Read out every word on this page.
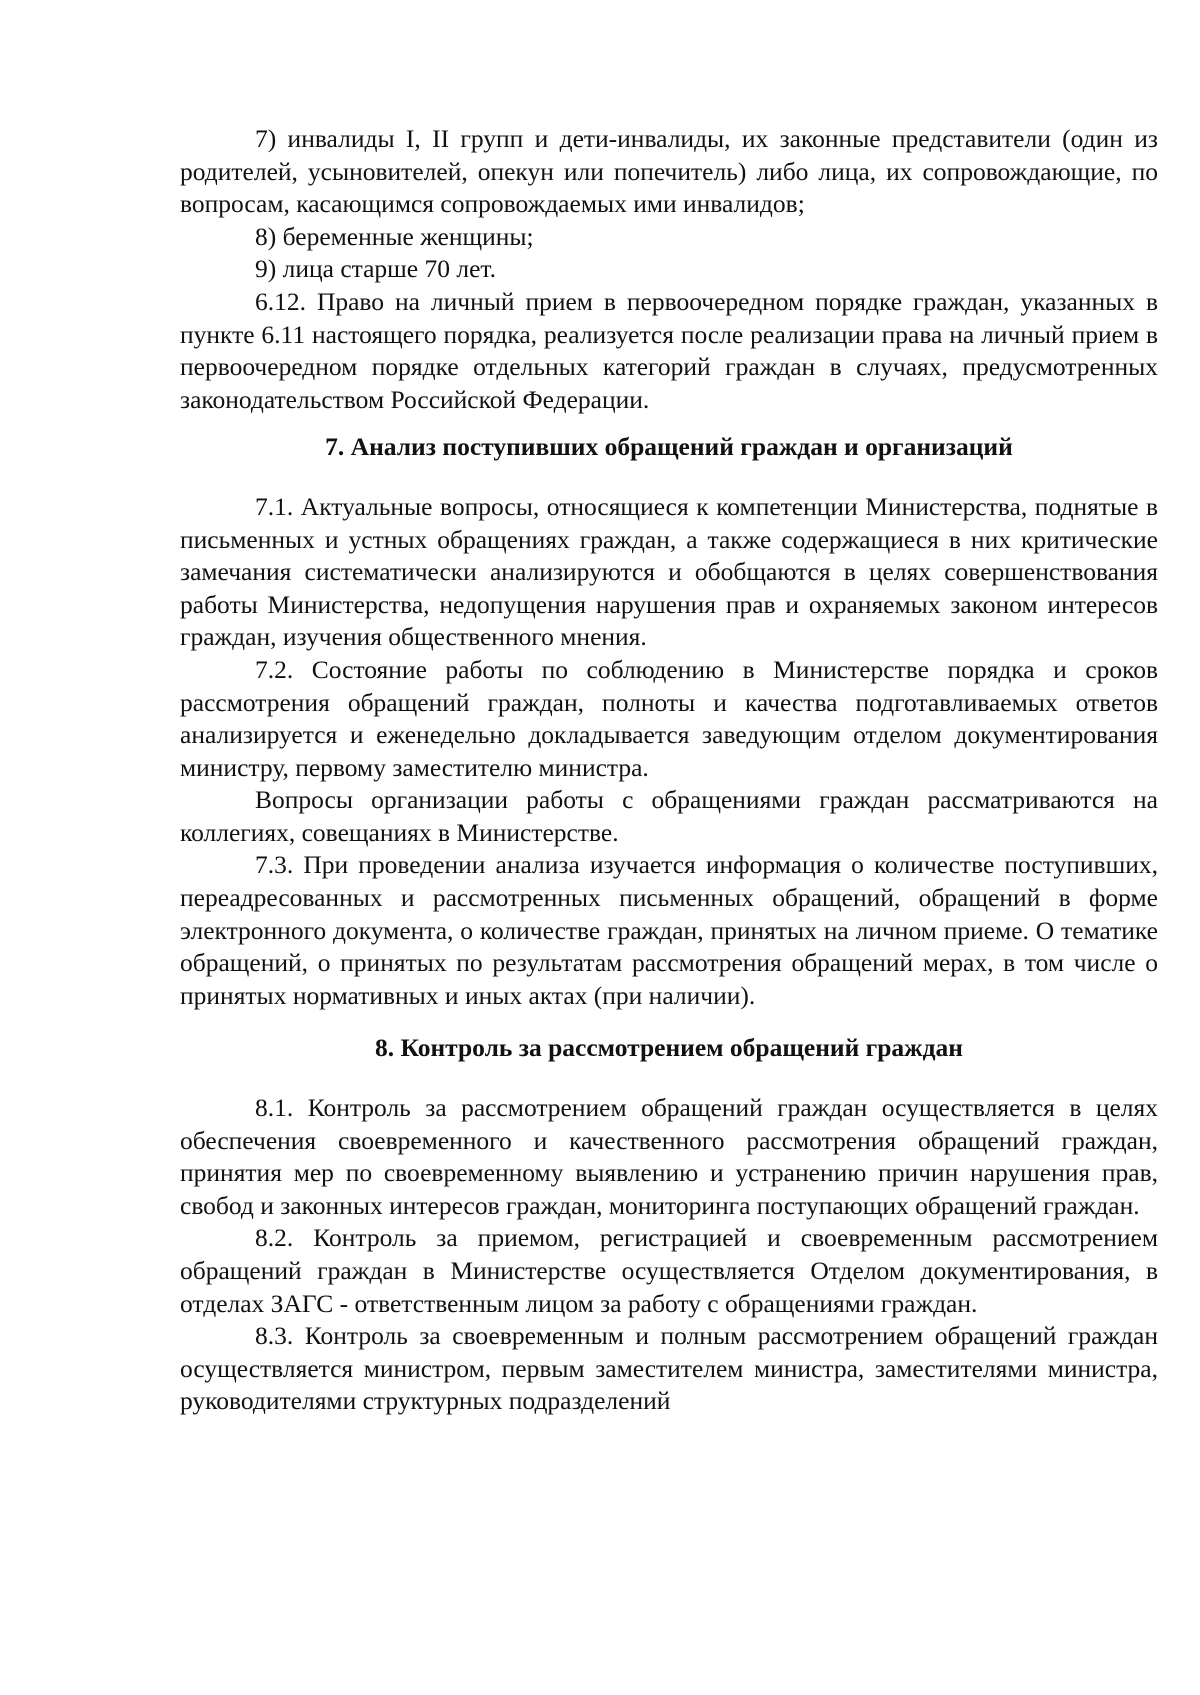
7) инвалиды I, II групп и дети-инвалиды, их законные представители (один из родителей, усыновителей, опекун или попечитель) либо лица, их сопровождающие, по вопросам, касающимся сопровождаемых ими инвалидов;

8) беременные женщины;

9) лица старше 70 лет.

6.12. Право на личный прием в первоочередном порядке граждан, указанных в пункте 6.11 настоящего порядка, реализуется после реализации права на личный прием в первоочередном порядке отдельных категорий граждан в случаях, предусмотренных законодательством Российской Федерации.

7. Анализ поступивших обращений граждан и организаций

7.1. Актуальные вопросы, относящиеся к компетенции Министерства, поднятые в письменных и устных обращениях граждан, а также содержащиеся в них критические замечания систематически анализируются и обобщаются в целях совершенствования работы Министерства, недопущения нарушения прав и охраняемых законом интересов граждан, изучения общественного мнения.

7.2. Состояние работы по соблюдению в Министерстве порядка и сроков рассмотрения обращений граждан, полноты и качества подготавливаемых ответов анализируется и еженедельно докладывается заведующим отделом документирования министру, первому заместителю министра.

Вопросы организации работы с обращениями граждан рассматриваются на коллегиях, совещаниях в Министерстве.

7.3. При проведении анализа изучается информация о количестве поступивших, переадресованных и рассмотренных письменных обращений, обращений в форме электронного документа, о количестве граждан, принятых на личном приеме. О тематике обращений, о принятых по результатам рассмотрения обращений мерах, в том числе о принятых нормативных и иных актах (при наличии).

8. Контроль за рассмотрением обращений граждан

8.1. Контроль за рассмотрением обращений граждан осуществляется в целях обеспечения своевременного и качественного рассмотрения обращений граждан, принятия мер по своевременному выявлению и устранению причин нарушения прав, свобод и законных интересов граждан, мониторинга поступающих обращений граждан.

8.2. Контроль за приемом, регистрацией и своевременным рассмотрением обращений граждан в Министерстве осуществляется Отделом документирования, в отделах ЗАГС - ответственным лицом за работу с обращениями граждан.

8.3. Контроль за своевременным и полным рассмотрением обращений граждан осуществляется министром, первым заместителем министра, заместителями министра, руководителями структурных подразделений
